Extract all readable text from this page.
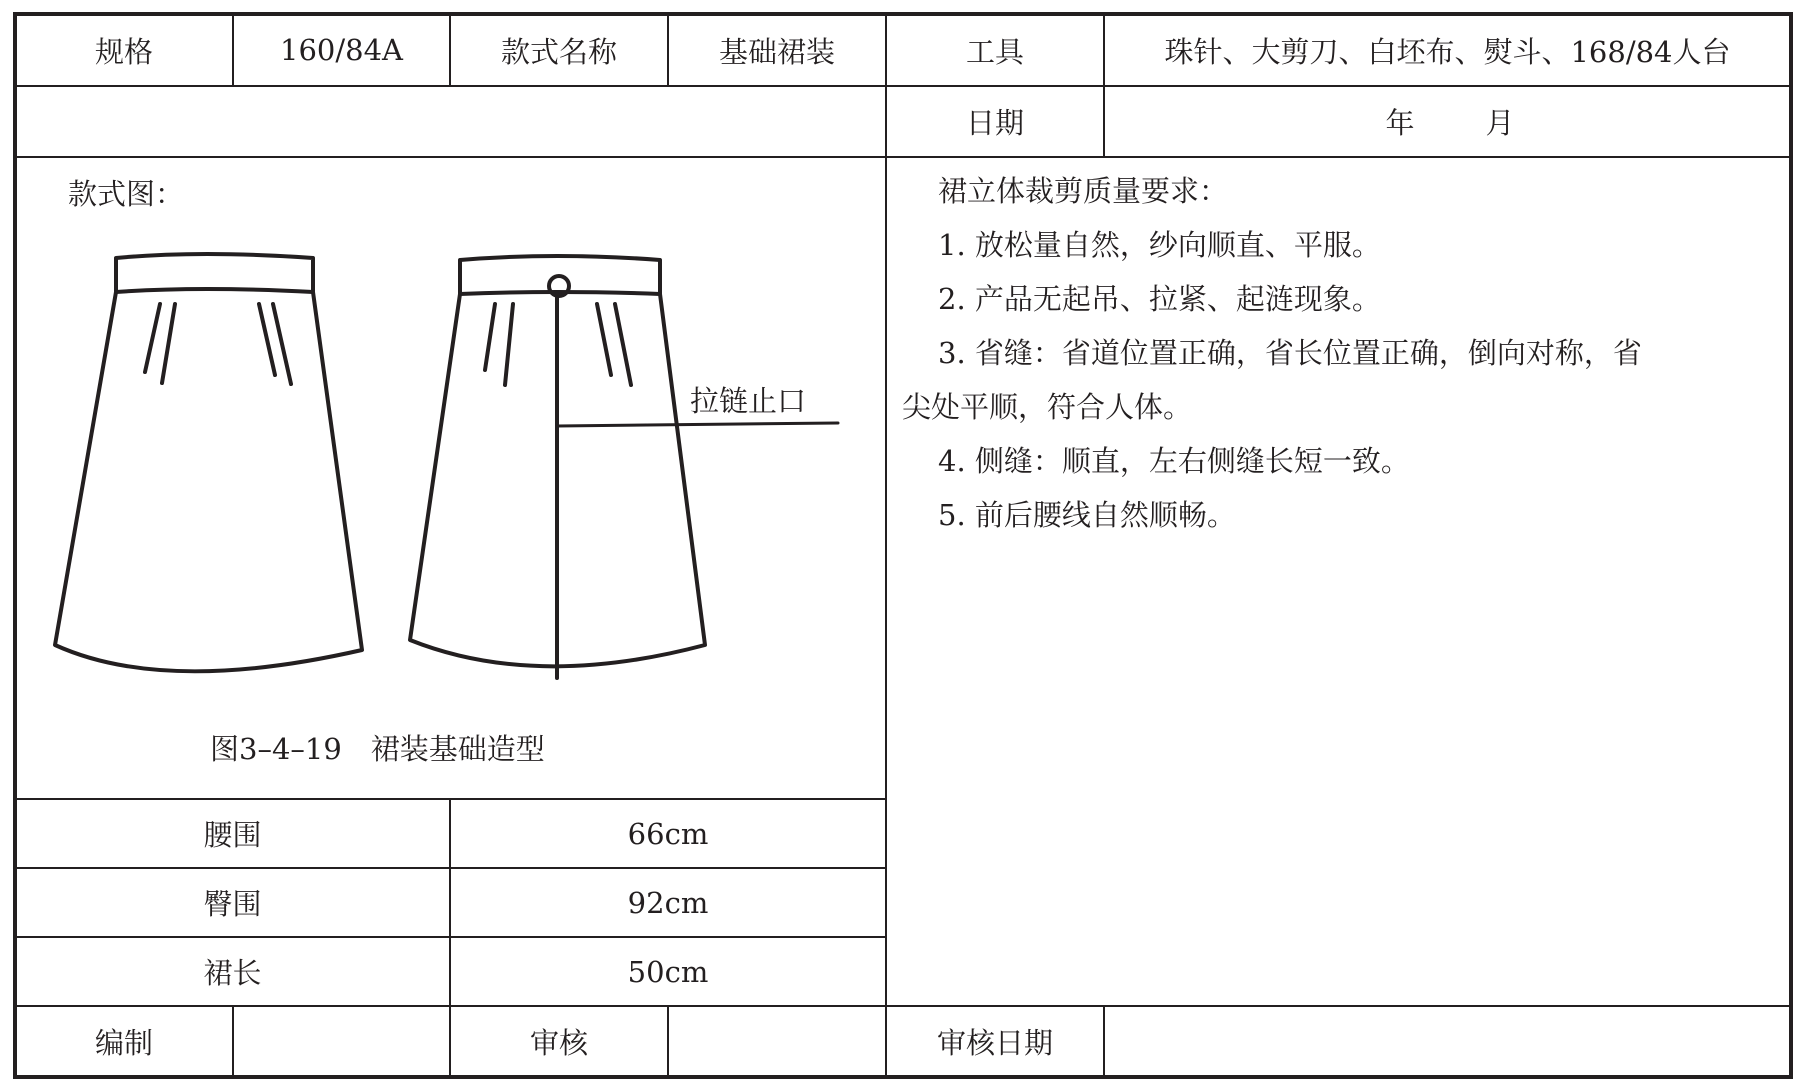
规格	160/84A	款式名称	基础裙装	工具	珠针、大剪刀、白坯布、熨斗、168/84人台
日期	年	月
款式图：
拉链止口
图3–4–19　裙装基础造型
裙立体裁剪质量要求：
1. 放松量自然，纱向顺直、平服。
2. 产品无起吊、拉紧、起涟现象。
3. 省缝：省道位置正确，省长位置正确，倒向对称，省
尖处平顺，符合人体。
4. 侧缝：顺直，左右侧缝长短一致。
5. 前后腰线自然顺畅。
腰围	66cm
臀围	92cm
裙长	50cm
编制	审核	审核日期
